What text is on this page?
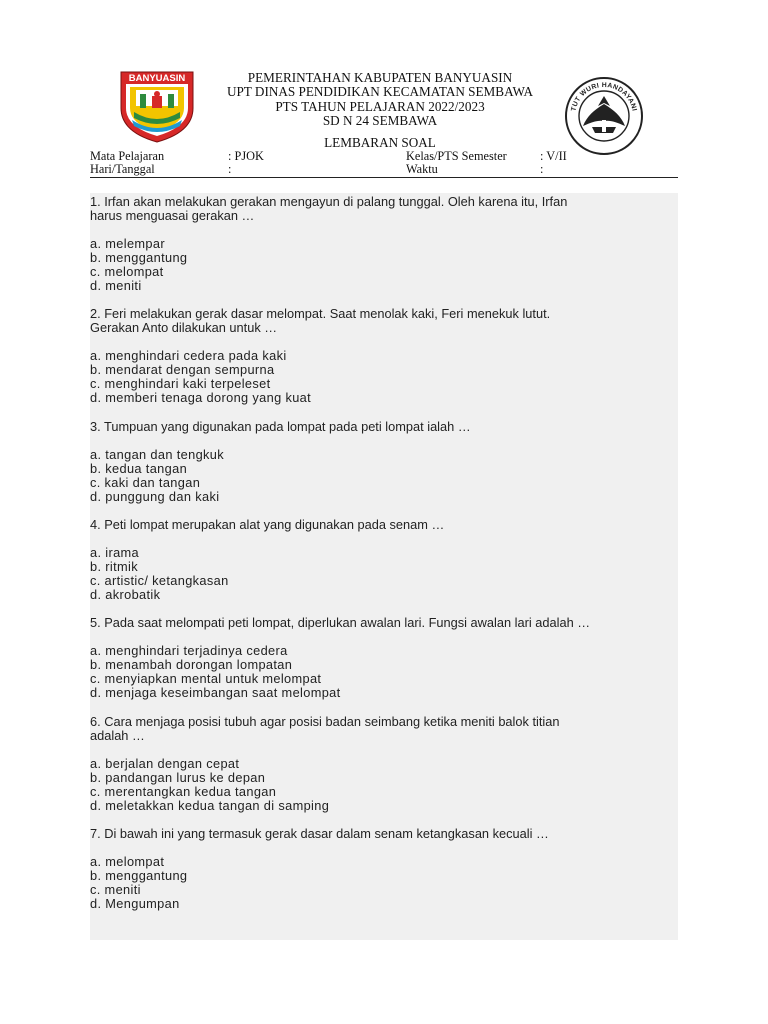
BANYUASIN
TUT WURI HANDAYANI
PEMERINTAHAN KABUPATEN BANYUASIN
UPT DINAS PENDIDIKAN KECAMATAN SEMBAWA
PTS TAHUN PELAJARAN 2022/2023
SD N 24 SEMBAWA
LEMBARAN SOAL
Mata Pelajaran	: PJOK	Kelas/PTS Semester	: V/II
Hari/Tanggal	:	Waktu	:
1. Irfan akan melakukan gerakan mengayun di palang tunggal. Oleh karena itu, Irfan
harus menguasai gerakan …
a. melempar
b. menggantung
c. melompat
d. meniti
2. Feri melakukan gerak dasar melompat. Saat menolak kaki, Feri menekuk lutut.
Gerakan Anto dilakukan untuk …
a. menghindari cedera pada kaki
b. mendarat dengan sempurna
c. menghindari kaki terpeleset
d. memberi tenaga dorong yang kuat
3. Tumpuan yang digunakan pada lompat pada peti lompat ialah …
a. tangan dan tengkuk
b. kedua tangan
c. kaki dan tangan
d. punggung dan kaki
4. Peti lompat merupakan alat yang digunakan pada senam …
a. irama
b. ritmik
c. artistic/ ketangkasan
d. akrobatik
5. Pada saat melompati peti lompat, diperlukan awalan lari. Fungsi awalan lari adalah …
a. menghindari terjadinya cedera
b. menambah dorongan lompatan
c. menyiapkan mental untuk melompat
d. menjaga keseimbangan saat melompat
6. Cara menjaga posisi tubuh agar posisi badan seimbang ketika meniti balok titian
adalah …
a. berjalan dengan cepat
b. pandangan lurus ke depan
c. merentangkan kedua tangan
d. meletakkan kedua tangan di samping
7. Di bawah ini yang termasuk gerak dasar dalam senam ketangkasan kecuali …
a. melompat
b. menggantung
c. meniti
d. Mengumpan
